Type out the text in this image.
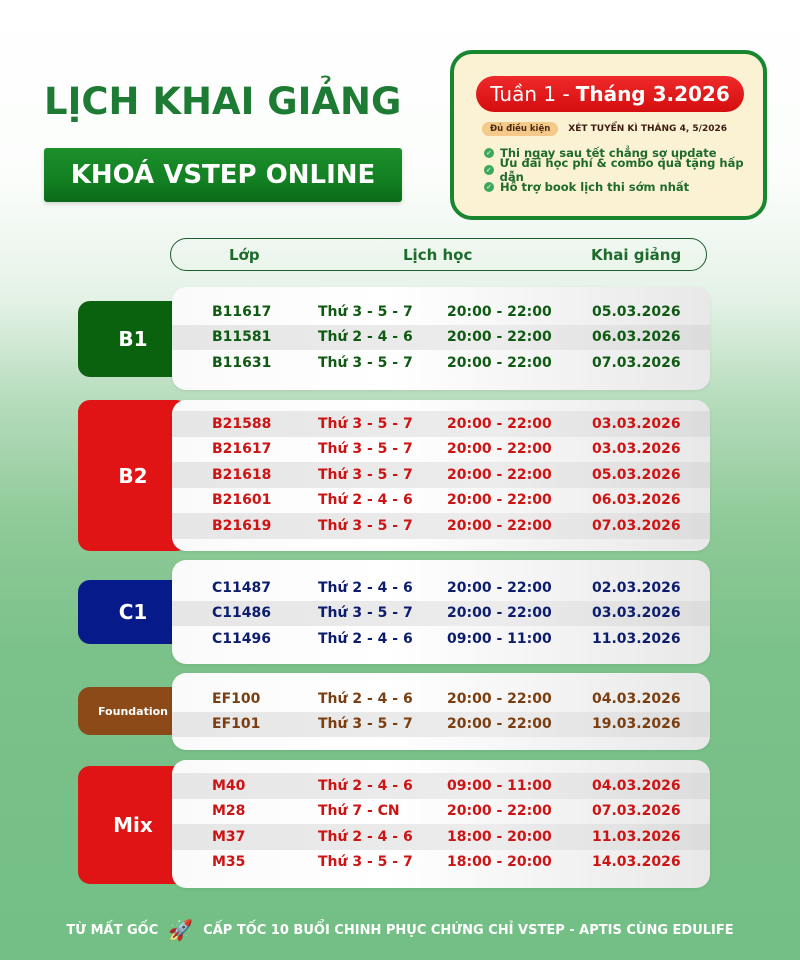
LỊCH KHAI GIẢNG
KHOÁ VSTEP ONLINE
Tuần 1 - Tháng 3.2026
Đủ điều kiện	XÉT TUYỂN KÌ THÁNG 4, 5/2026
✓ Thi ngay sau tết chẳng sợ update
✓ Ưu đãi học phí & combo quà tặng hấp dẫn
✓ Hỗ trợ book lịch thi sớm nhất
Lớp	Lịch học	Khai giảng
B1
B11617	Thứ 3 - 5 - 7 20:00 - 22:00	05.03.2026
B11581	Thứ 2 - 4 - 6 20:00 - 22:00	06.03.2026
B11631	Thứ 3 - 5 - 7 20:00 - 22:00	07.03.2026
B2
B21588	Thứ 3 - 5 - 7 20:00 - 22:00	03.03.2026
B21617	Thứ 3 - 5 - 7 20:00 - 22:00	03.03.2026
B21618	Thứ 3 - 5 - 7 20:00 - 22:00	05.03.2026
B21601	Thứ 2 - 4 - 6 20:00 - 22:00	06.03.2026
B21619	Thứ 3 - 5 - 7 20:00 - 22:00	07.03.2026
C1
C11487	Thứ 2 - 4 - 6 20:00 - 22:00	02.03.2026
C11486	Thứ 3 - 5 - 7 20:00 - 22:00	03.03.2026
C11496	Thứ 2 - 4 - 6 09:00 - 11:00	11.03.2026
Foundation
EF100	Thứ 2 - 4 - 6 20:00 - 22:00	04.03.2026
EF101	Thứ 3 - 5 - 7 20:00 - 22:00	19.03.2026
Mix
M40	Thứ 2 - 4 - 6 09:00 - 11:00	04.03.2026
M28	Thứ 7 - CN	20:00 - 22:00	07.03.2026
M37	Thứ 2 - 4 - 6 18:00 - 20:00	11.03.2026
M35	Thứ 3 - 5 - 7 18:00 - 20:00	14.03.2026
TỪ MẤT GỐC 🚀 CẤP TỐC 10 BUỔI CHINH PHỤC CHỨNG CHỈ VSTEP - APTIS CÙNG EDULIFE
